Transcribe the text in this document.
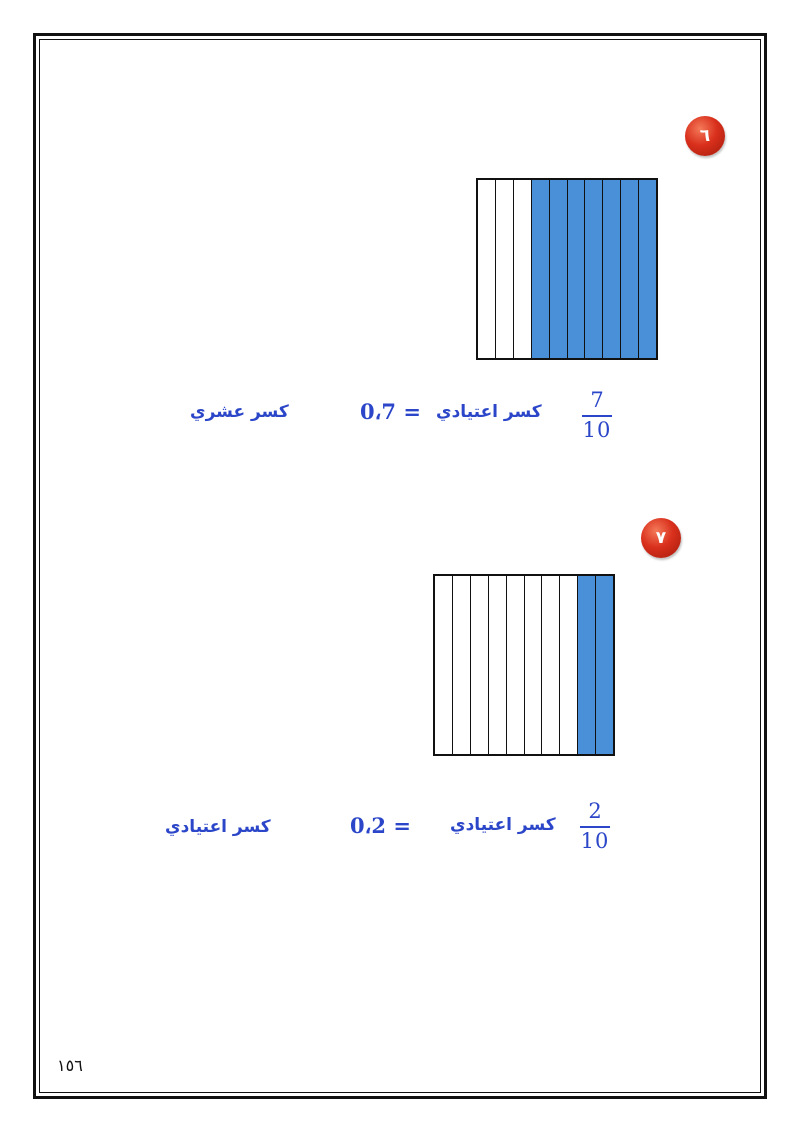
٦
7
10
كسر اعتيادي
0،7 =
كسر عشري
٧
2
10
كسر اعتيادي
0،2 =
كسر اعتيادي
١٥٦
